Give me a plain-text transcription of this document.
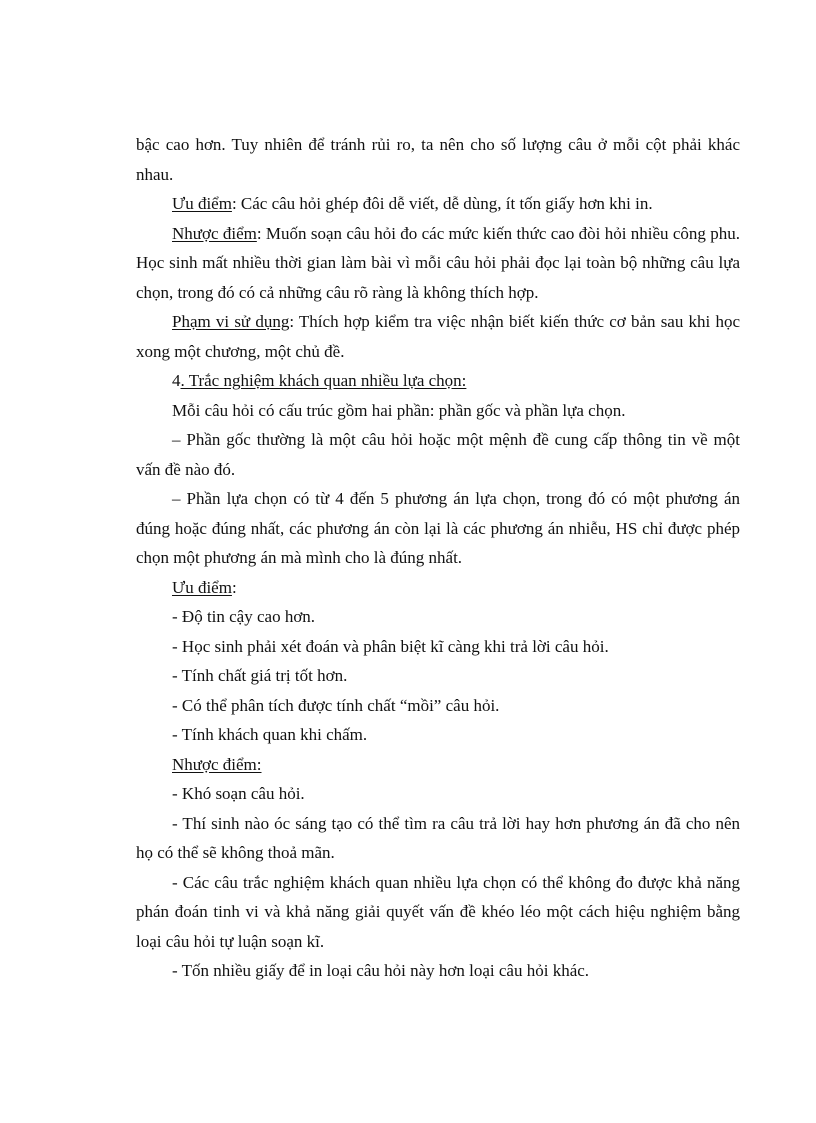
bậc cao hơn. Tuy nhiên để tránh rủi ro, ta nên cho số lượng câu ở mỗi cột phải khác nhau.

Ưu điểm: Các câu hỏi ghép đôi dễ viết, dễ dùng, ít tốn giấy hơn khi in.

Nhược điểm: Muốn soạn câu hỏi đo các mức kiến thức cao đòi hỏi nhiều công phu. Học sinh mất nhiều thời gian làm bài vì mỗi câu hỏi phải đọc lại toàn bộ những câu lựa chọn, trong đó có cả những câu rõ ràng là không thích hợp.

Phạm vi sử dụng: Thích hợp kiểm tra việc nhận biết kiến thức cơ bản sau khi học xong một chương, một chủ đề.

4. Trắc nghiệm khách quan nhiều lựa chọn:

Mỗi câu hỏi có cấu trúc gồm hai phần: phần gốc và phần lựa chọn.

– Phần gốc thường là một câu hỏi hoặc một mệnh đề cung cấp thông tin về một vấn đề nào đó.

– Phần lựa chọn có từ 4 đến 5 phương án lựa chọn, trong đó có một phương án đúng hoặc đúng nhất, các phương án còn lại là các phương án nhiễu, HS chỉ được phép chọn một phương án mà mình cho là đúng nhất.

Ưu điểm:

- Độ tin cậy cao hơn.

- Học sinh phải xét đoán và phân biệt kĩ càng khi trả lời câu hỏi.

- Tính chất giá trị tốt hơn.

- Có thể phân tích được tính chất “mồi” câu hỏi.

- Tính khách quan khi chấm.

Nhược điểm:

- Khó soạn câu hỏi.

- Thí sinh nào óc sáng tạo có thể tìm ra câu trả lời hay hơn phương án đã cho nên họ có thể sẽ không thoả mãn.

- Các câu trắc nghiệm khách quan nhiều lựa chọn có thể không đo được khả năng phán đoán tinh vi và khả năng giải quyết vấn đề khéo léo một cách hiệu nghiệm bằng loại câu hỏi tự luận soạn kĩ.

- Tốn nhiều giấy để in loại câu hỏi này hơn loại câu hỏi khác.
